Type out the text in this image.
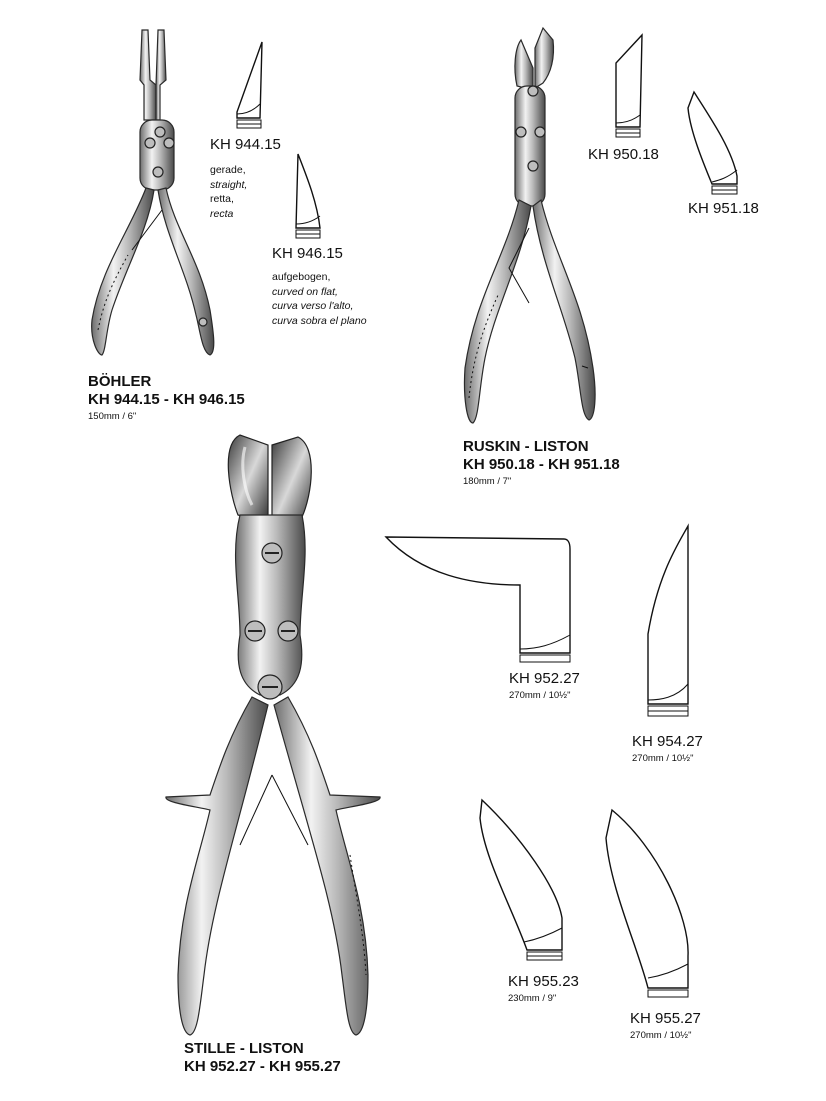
KH 944.15
gerade,
straight,
retta,
recta
KH 946.15
aufgebogen,
curved on flat,
curva verso l'alto,
curva sobra el plano
BÖHLER
KH 944.15 - KH 946.15
150mm / 6"
KH 950.18
KH 951.18
RUSKIN - LISTON
KH 950.18 - KH 951.18
180mm / 7"
KH 952.27
270mm / 10½"
KH 954.27
270mm / 10½"
KH 955.23
230mm / 9"
KH 955.27
270mm / 10½"
STILLE - LISTON
KH 952.27 - KH 955.27
